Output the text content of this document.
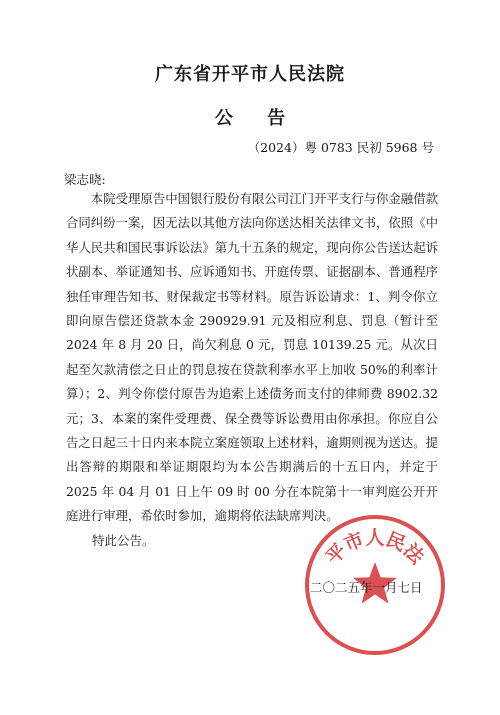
广东省开平市人民法院
公 告
（2024）粤 0783 民初 5968 号
梁志晓:

本院受理原告中国银行股份有限公司江门开平支行与你金融借款合同纠纷一案，因无法以其他方法向你送达相关法律文书，依照《中华人民共和国民事诉讼法》第九十五条的规定，现向你公告送达起诉状副本、举证通知书、应诉通知书、开庭传票、证据副本、普通程序独任审理告知书、财保裁定书等材料。原告诉讼请求：1、判令你立即向原告偿还贷款本金 290929.91 元及相应利息、罚息（暂计至 2024 年 8 月 20 日，尚欠利息 0 元，罚息 10139.25 元。从次日起至欠款清偿之日止的罚息按在贷款利率水平上加收 50%的利率计算）；2、判令你偿付原告为追索上述债务而支付的律师费 8902.32 元；3、本案的案件受理费、保全费等诉讼费用由你承担。你应自公告之日起三十日内来本院立案庭领取上述材料，逾期则视为送达。提出答辩的期限和举证期限均为本公告期满后的十五日内，并定于 2025 年 04 月 01 日上午 09 时 00 分在本院第十一审判庭公开开庭进行审理，希依时参加，逾期将依法缺席判决。

特此公告。	平市人民法
二〇二五年一月七日
